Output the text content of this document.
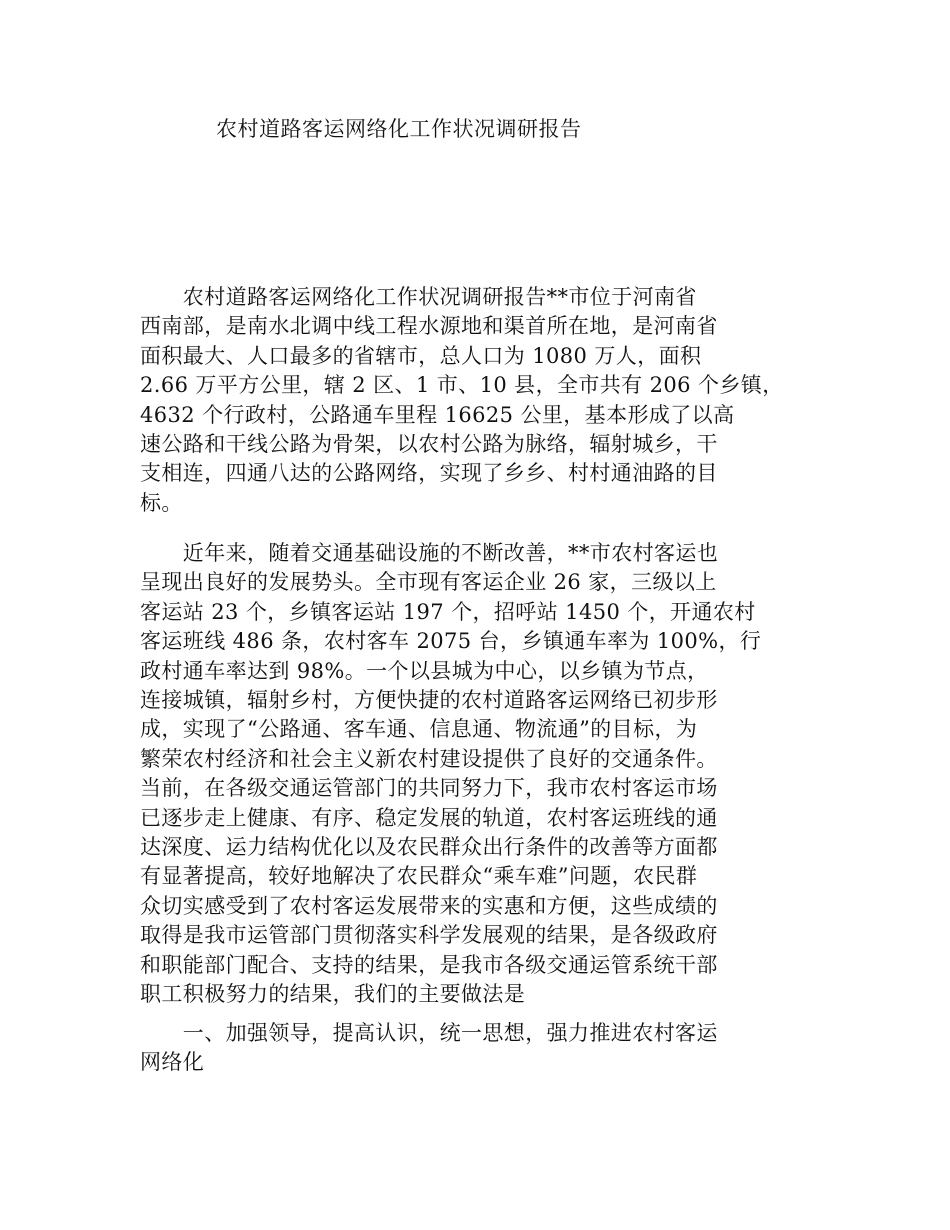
农村道路客运网络化工作状况调研报告
　　农村道路客运网络化工作状况调研报告**市位于河南省
西南部，是南水北调中线工程水源地和渠首所在地，是河南省
面积最大、人口最多的省辖市，总人口为 1080 万人，面积
2.66 万平方公里，辖 2 区、1 市、10 县，全市共有 206 个乡镇，
4632 个行政村，公路通车里程 16625 公里，基本形成了以高
速公路和干线公路为骨架，以农村公路为脉络，辐射城乡，干
支相连，四通八达的公路网络，实现了乡乡、村村通油路的目
标。
　　近年来，随着交通基础设施的不断改善，**市农村客运也
呈现出良好的发展势头。全市现有客运企业 26 家，三级以上
客运站 23 个，乡镇客运站 197 个，招呼站 1450 个，开通农村
客运班线 486 条，农村客车 2075 台，乡镇通车率为 100%，行
政村通车率达到 98%。一个以县城为中心，以乡镇为节点，
连接城镇，辐射乡村，方便快捷的农村道路客运网络已初步形
成，实现了“公路通、客车通、信息通、物流通”的目标，为
繁荣农村经济和社会主义新农村建设提供了良好的交通条件。
当前，在各级交通运管部门的共同努力下，我市农村客运市场
已逐步走上健康、有序、稳定发展的轨道，农村客运班线的通
达深度、运力结构优化以及农民群众出行条件的改善等方面都
有显著提高，较好地解决了农民群众“乘车难”问题，农民群
众切实感受到了农村客运发展带来的实惠和方便，这些成绩的
取得是我市运管部门贯彻落实科学发展观的结果，是各级政府
和职能部门配合、支持的结果，是我市各级交通运管系统干部
职工积极努力的结果，我们的主要做法是
　　一、加强领导，提高认识，统一思想，强力推进农村客运
网络化
